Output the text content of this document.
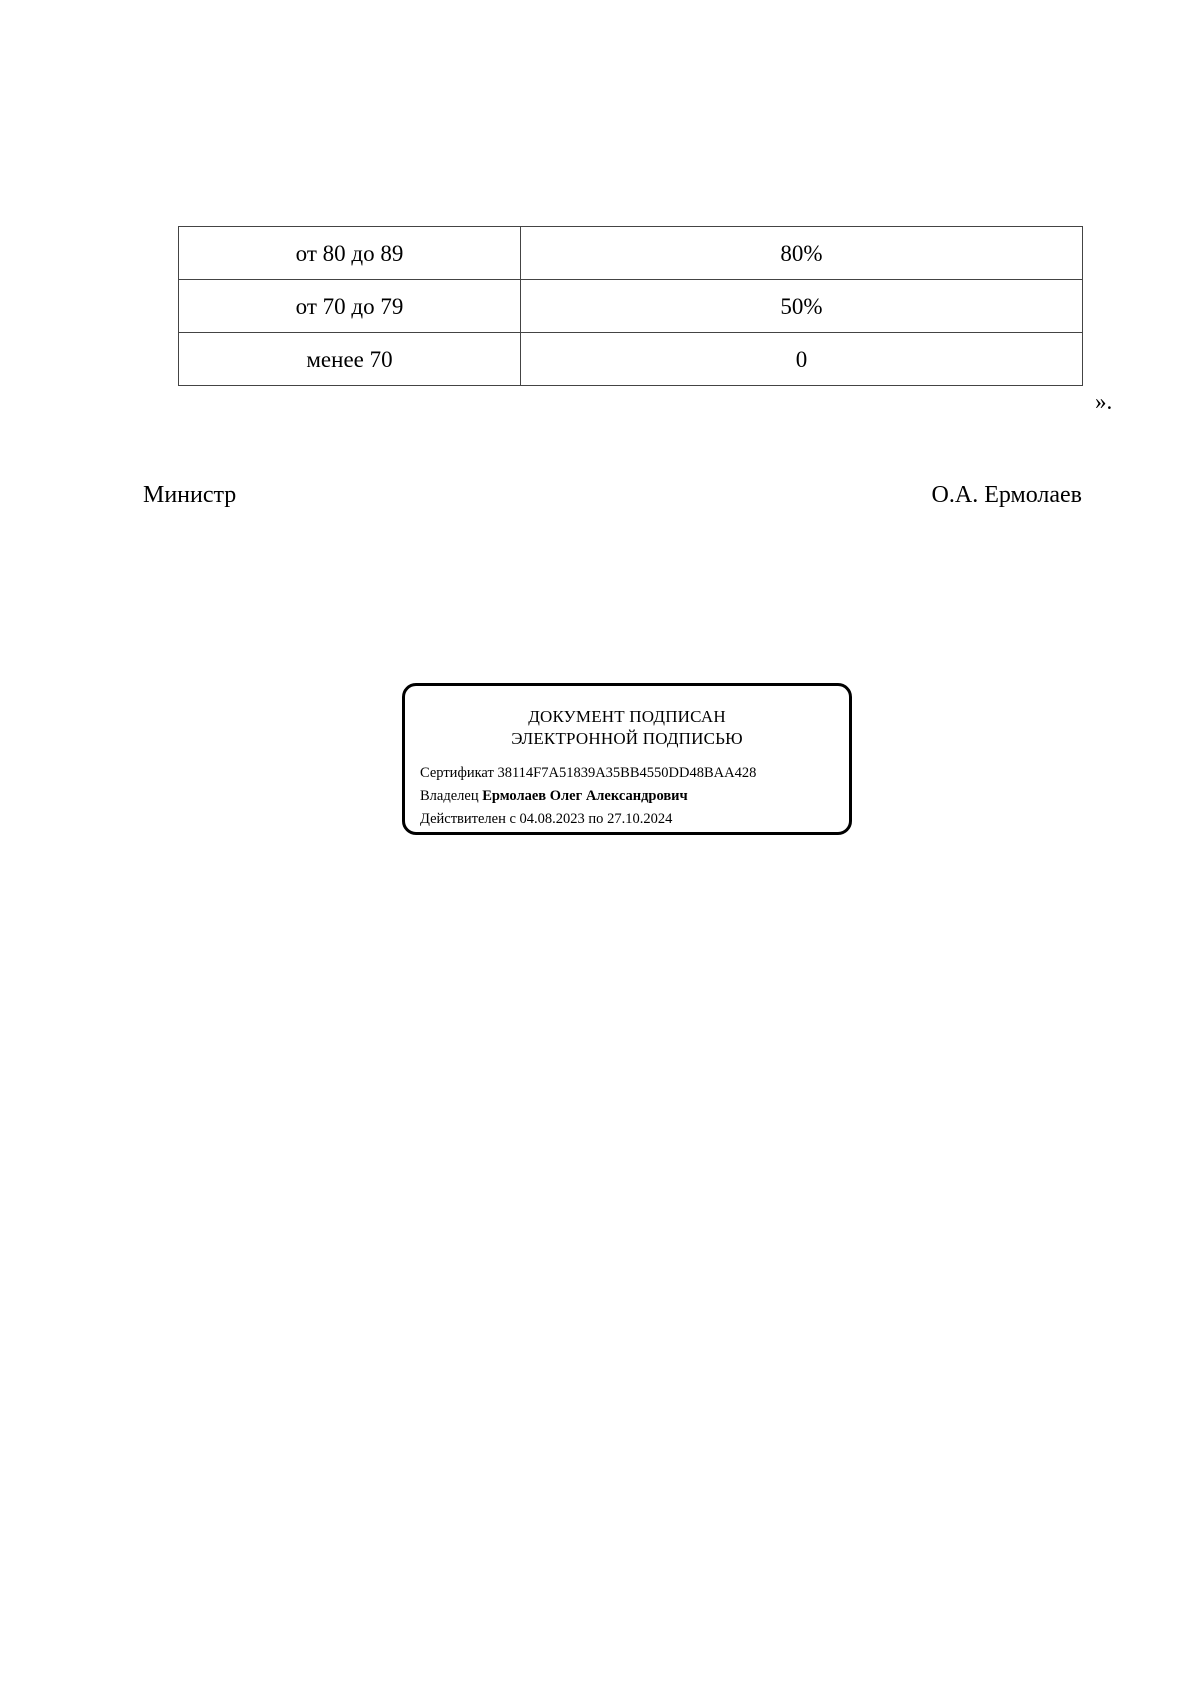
от 80 до 89	80%
от 70 до 79	50%
менее 70	0
».
Министр	О.А. Ермолаев
ДОКУМЕНТ ПОДПИСАН
ЭЛЕКТРОННОЙ ПОДПИСЬЮ
Сертификат 38114F7A51839A35BB4550DD48BAA428
Владелец Ермолаев Олег Александрович
Действителен с 04.08.2023 по 27.10.2024
